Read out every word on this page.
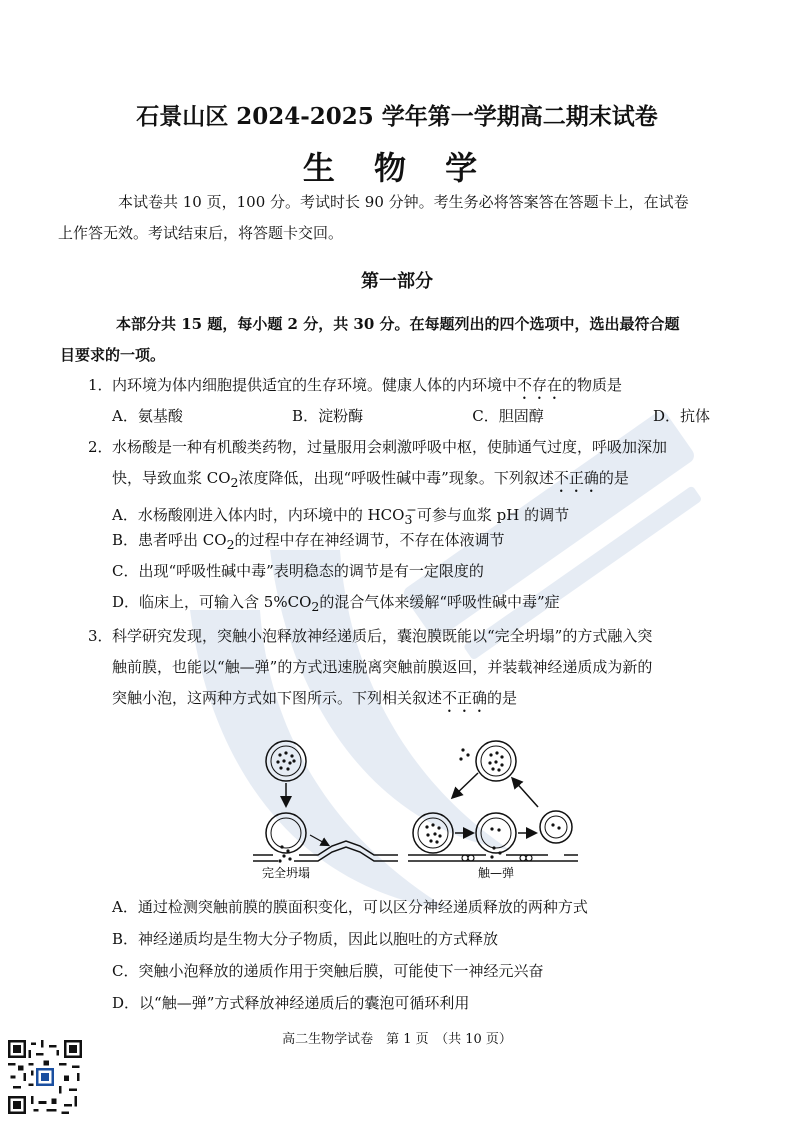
石景山区 2024-2025 学年第一学期高二期末试卷
生 物 学
本试卷共 10 页，100 分。考试时长 90 分钟。考生务必将答案答在答题卡上，在试卷
上作答无效。考试结束后，将答题卡交回。
第一部分
本部分共 15 题，每小题 2 分，共 30 分。在每题列出的四个选项中，选出最符合题
目要求的一项。
1．内环境为体内细胞提供适宜的生存环境。健康人体的内环境中不存在的物质是
A．氨基酸	B．淀粉酶	C．胆固醇	D．抗体
2．水杨酸是一种有机酸类药物，过量服用会刺激呼吸中枢，使肺通气过度，呼吸加深加
快，导致血浆 $CO_2$浓度降低，出现“呼吸性碱中毒”现象。下列叙述不正确的是
A．水杨酸刚进入体内时，内环境中的 $HCO_3^-$可参与血浆 pH 的调节
B．患者呼出 $CO_2$的过程中存在神经调节，不存在体液调节
C．出现“呼吸性碱中毒”表明稳态的调节是有一定限度的
D．临床上，可输入含 $5\%CO_2$的混合气体来缓解“呼吸性碱中毒”症
3．科学研究发现，突触小泡释放神经递质后，囊泡膜既能以“完全坍塌”的方式融入突
触前膜，也能以“触—弹”的方式迅速脱离突触前膜返回，并装载神经递质成为新的
突触小泡，这两种方式如下图所示。下列相关叙述不正确的是
完全坍塌	触—弹
A．通过检测突触前膜的膜面积变化，可以区分神经递质释放的两种方式
B．神经递质均是生物大分子物质，因此以胞吐的方式释放
C．突触小泡释放的递质作用于突触后膜，可能使下一神经元兴奋
D．以“触—弹”方式释放神经递质后的囊泡可循环利用
高二生物学试卷　第 1 页　（共 10 页）
